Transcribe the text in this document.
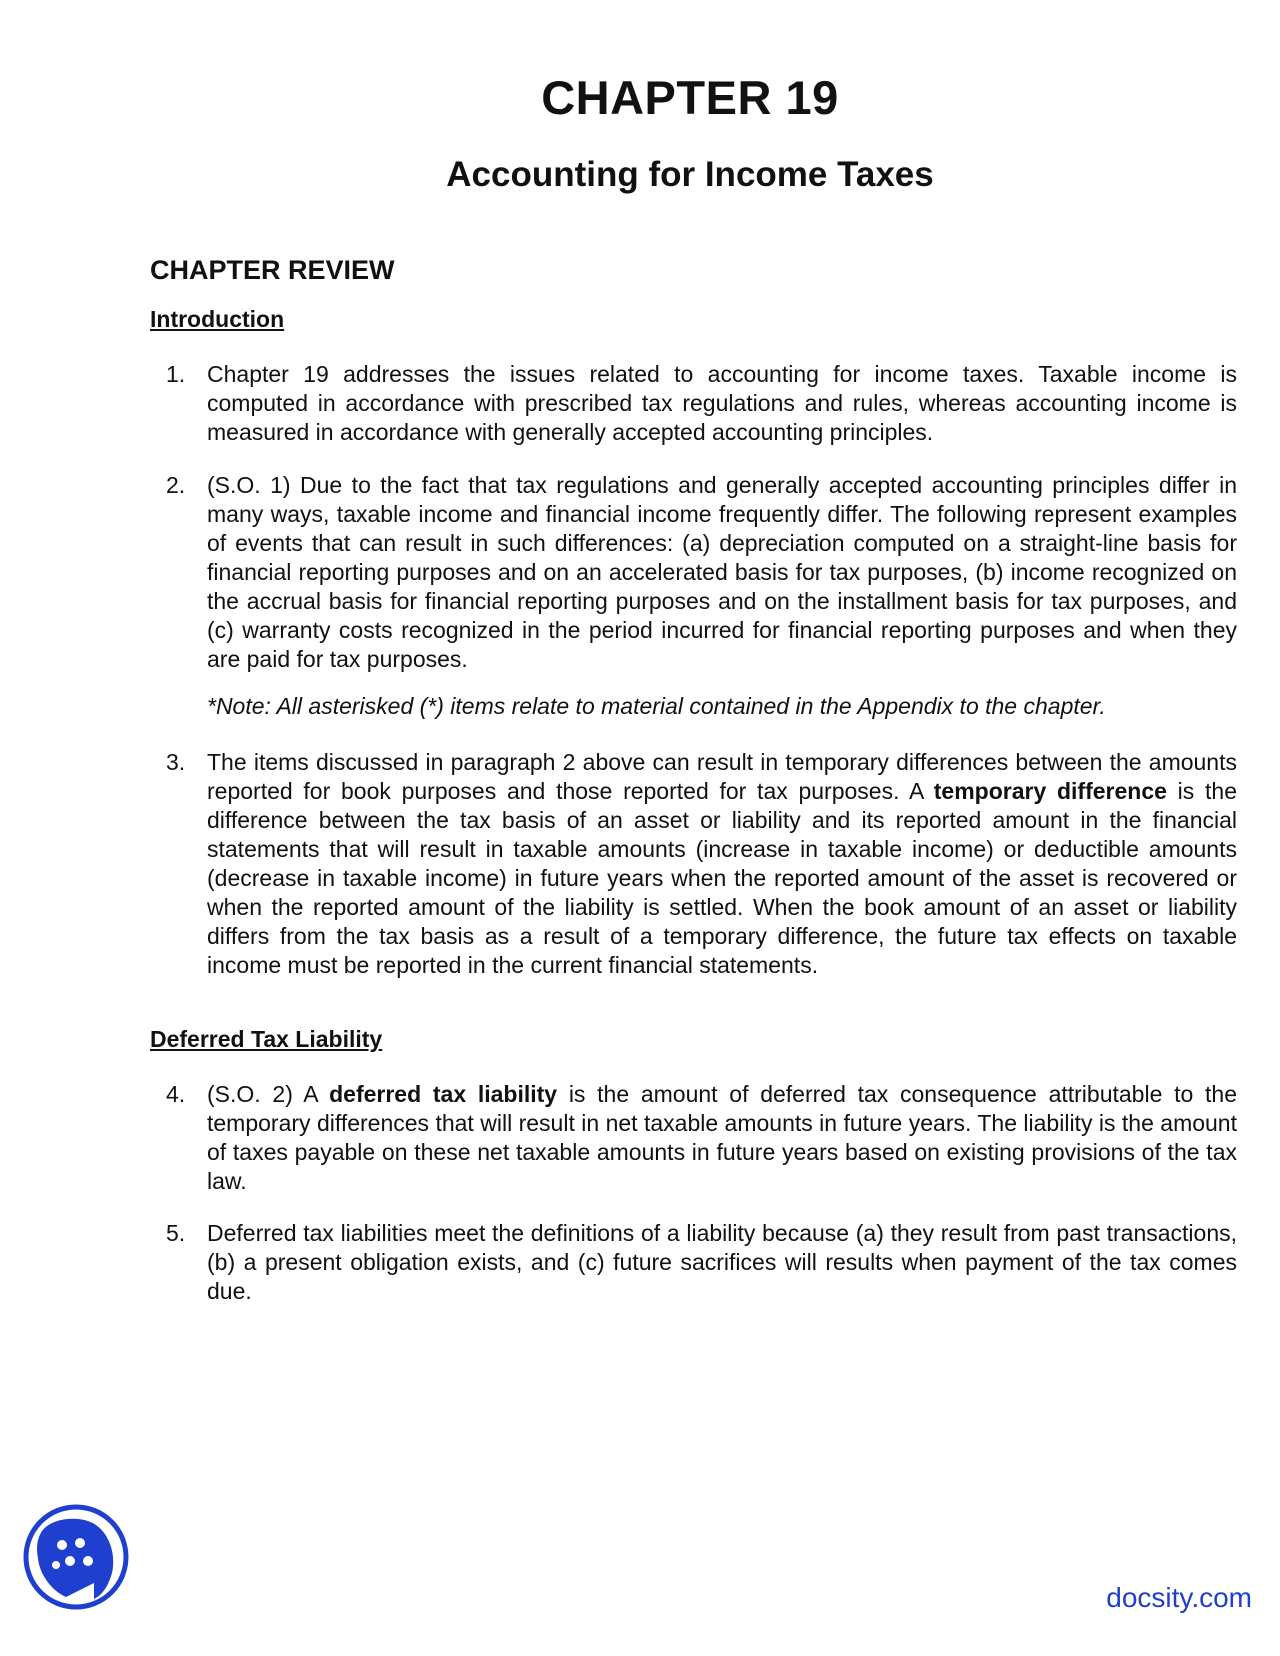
CHAPTER 19
Accounting for Income Taxes
CHAPTER REVIEW
Introduction
1. Chapter 19 addresses the issues related to accounting for income taxes. Taxable income is computed in accordance with prescribed tax regulations and rules, whereas accounting income is measured in accordance with generally accepted accounting principles.
2. (S.O. 1) Due to the fact that tax regulations and generally accepted accounting principles differ in many ways, taxable income and financial income frequently differ. The following represent examples of events that can result in such differences: (a) depreciation computed on a straight-line basis for financial reporting purposes and on an accelerated basis for tax purposes, (b) income recognized on the accrual basis for financial reporting purposes and on the installment basis for tax purposes, and (c) warranty costs recognized in the period incurred for financial reporting purposes and when they are paid for tax purposes.
*Note: All asterisked (*) items relate to material contained in the Appendix to the chapter.
3. The items discussed in paragraph 2 above can result in temporary differences between the amounts reported for book purposes and those reported for tax purposes. A temporary difference is the difference between the tax basis of an asset or liability and its reported amount in the financial statements that will result in taxable amounts (increase in taxable income) or deductible amounts (decrease in taxable income) in future years when the reported amount of the asset is recovered or when the reported amount of the liability is settled. When the book amount of an asset or liability differs from the tax basis as a result of a temporary difference, the future tax effects on taxable income must be reported in the current financial statements.
Deferred Tax Liability
4. (S.O. 2) A deferred tax liability is the amount of deferred tax consequence attributable to the temporary differences that will result in net taxable amounts in future years. The liability is the amount of taxes payable on these net taxable amounts in future years based on existing provisions of the tax law.
5. Deferred tax liabilities meet the definitions of a liability because (a) they result from past transactions, (b) a present obligation exists, and (c) future sacrifices will results when payment of the tax comes due.
docsity.com
